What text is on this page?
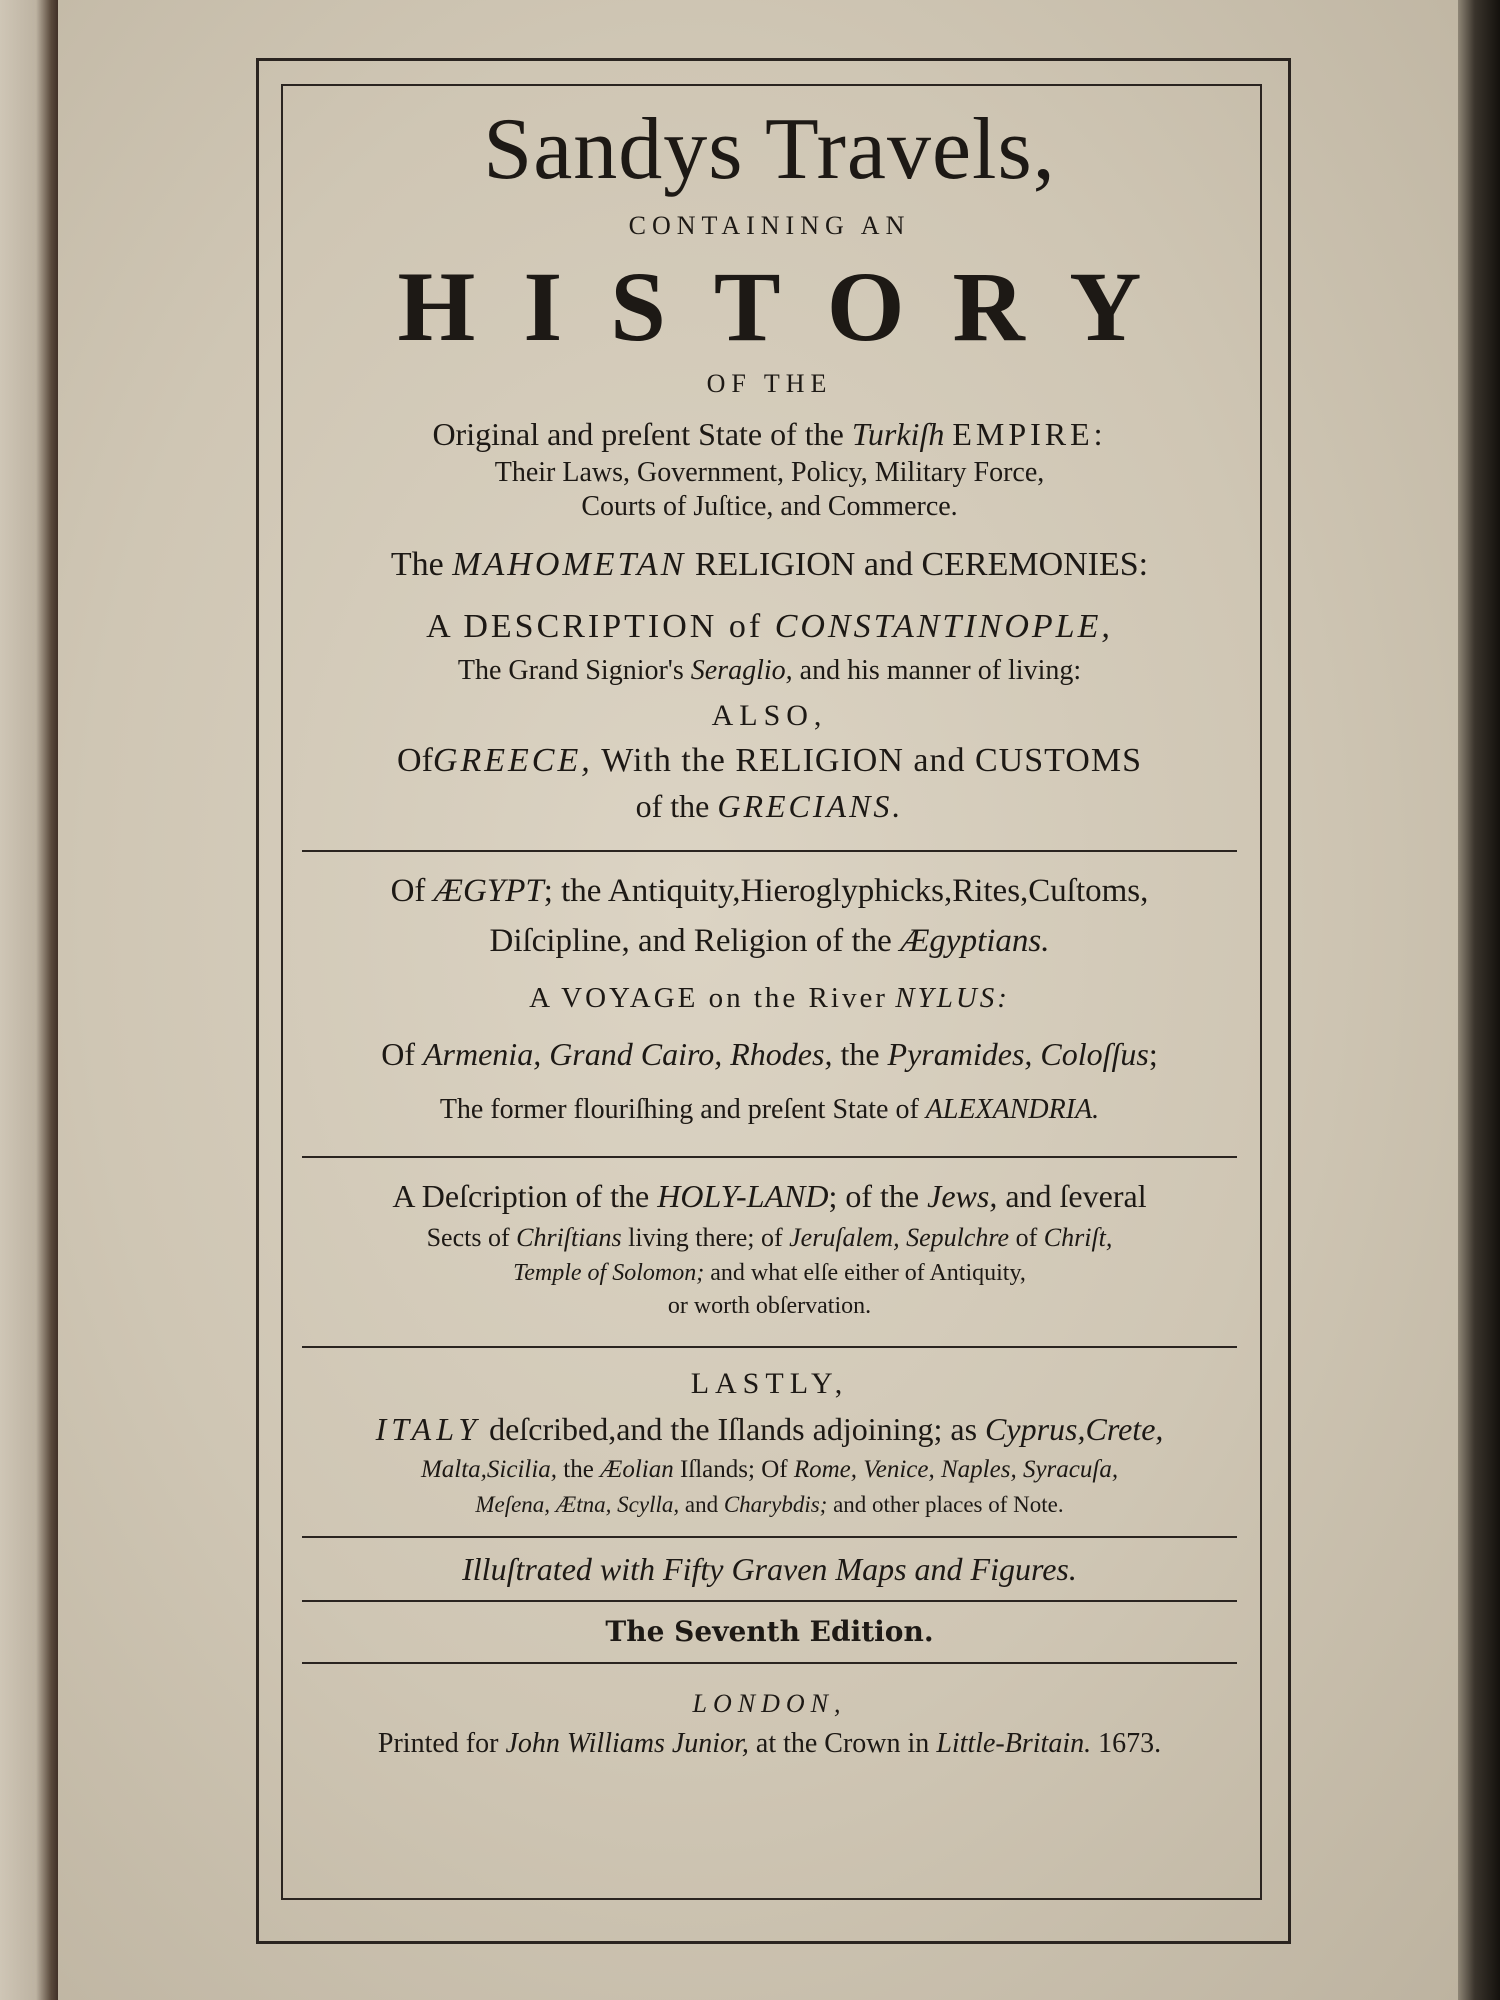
Sandys Travels,
CONTAINING AN
HISTORY
OF THE
Original and preſent State of the Turkiſh EMPIRE:
Their Laws, Government, Policy, Military Force,
Courts of Juſtice, and Commerce.
The MAHOMETAN RELIGION and CEREMONIES:
A DESCRIPTION of CONSTANTINOPLE,
The Grand Signior's Seraglio, and his manner of living:
ALSO,
OfGREECE, With the RELIGION and CUSTOMS
of the GRECIANS.
Of ÆGYPT; the Antiquity,Hieroglyphicks,Rites,Cuſtoms,
Diſcipline, and Religion of the Ægyptians.
A VOYAGE on the River NYLUS:
Of Armenia, Grand Cairo, Rhodes, the Pyramides, Coloſſus;
The former flouriſhing and preſent State of ALEXANDRIA.
A Deſcription of the HOLY-LAND; of the Jews, and ſeveral
Sects of Chriſtians living there; of Jeruſalem, Sepulchre of Chriſt,
Temple of Solomon; and what elſe either of Antiquity,
or worth obſervation.
LASTLY,
ITALY deſcribed,and the Iſlands adjoining; as Cyprus,Crete,
Malta,Sicilia, the Æolian Iſlands; Of Rome, Venice, Naples, Syracuſa,
Meſena, Ætna, Scylla, and Charybdis; and other places of Note.
Illuſtrated with Fifty Graven Maps and Figures.
The Seventh Edition.
LONDON,
Printed for John Williams Junior, at the Crown in Little-Britain. 1673.
